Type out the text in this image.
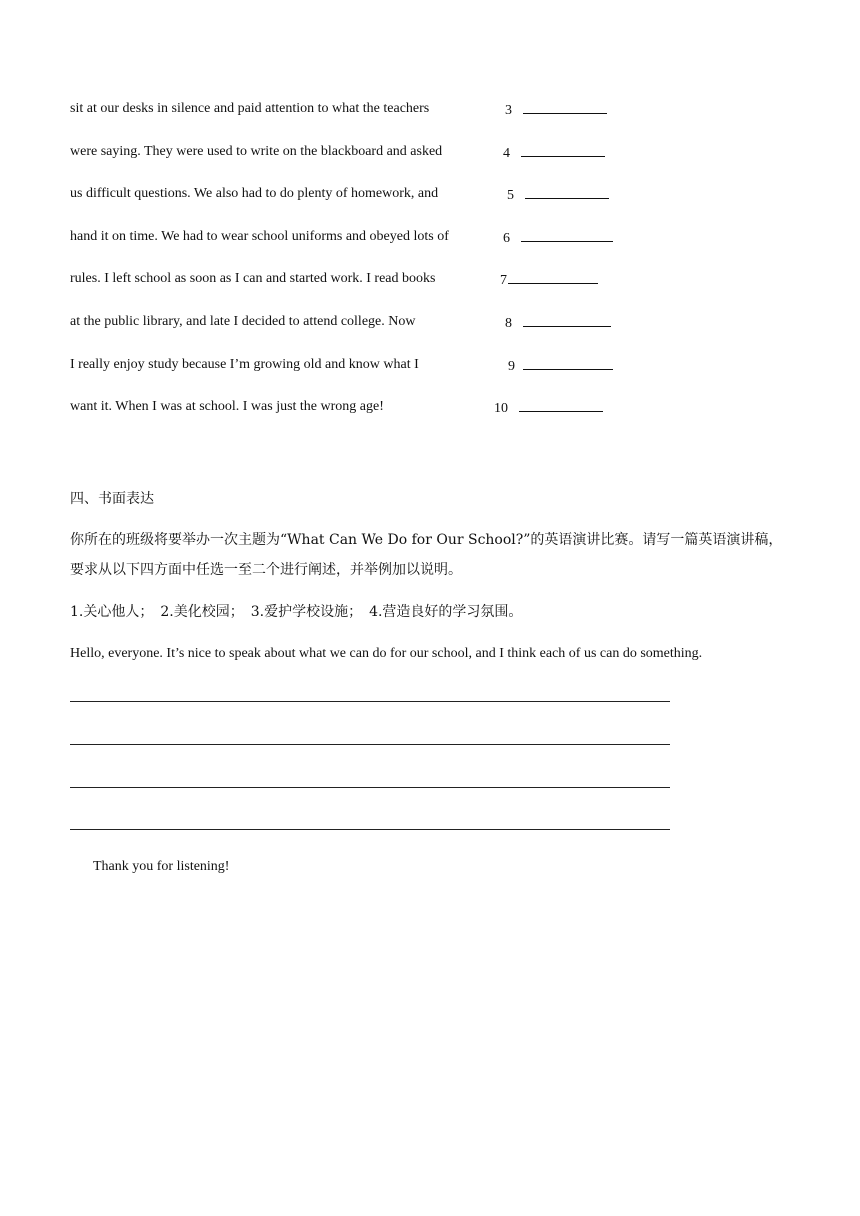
sit at our desks in silence and paid attention to what the teachers	3
were saying. They were used to write on the blackboard and asked	4
us difficult questions. We also had to do plenty of homework, and	5
hand it on time. We had to wear school uniforms and obeyed lots of	6
rules. I left school as soon as I can and started work. I read books	7
at the public library, and late I decided to attend college. Now	8
I really enjoy study because I’m growing old and know what I	9
want it. When I was at school. I was just the wrong age!	10
四、书面表达
你所在的班级将要举办一次主题为“What Can We Do for Our School?”的英语演讲比赛。请写一篇英语演讲稿，
要求从以下四方面中任选一至二个进行阐述，并举例加以说明。
1.关心他人；　2.美化校园；　3.爱护学校设施；　4.营造良好的学习氛围。
Hello, everyone. It’s nice to speak about what we can do for our school, and I think each of us can do something.
Thank you for listening!
